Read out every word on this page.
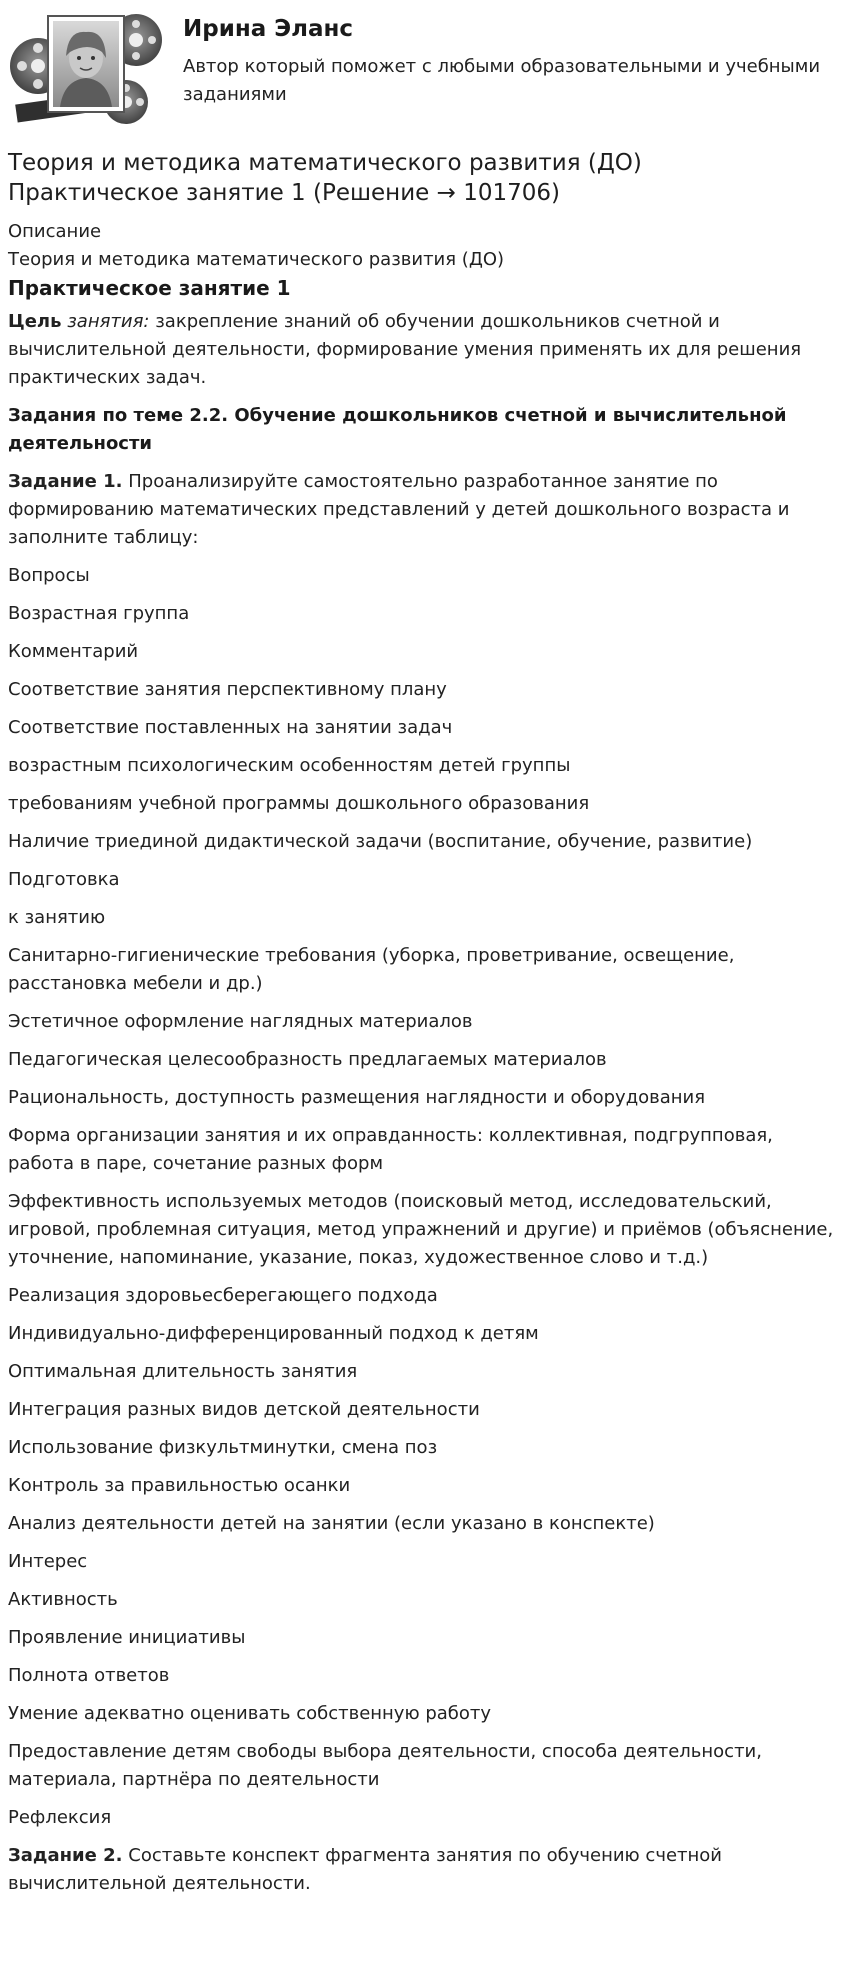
Ирина Эланс
Автор который поможет с любыми образовательными и учебными заданиями
Теория и методика математического развития (ДО)
Практическое занятие 1 (Решение → 101706)
Описание
Теория и методика математического развития (ДО)
Практическое занятие 1
Цель занятия: закрепление знаний об обучении дошкольников счетной и вычислительной деятельности, формирование умения применять их для решения практических задач.
Задания по теме 2.2. Обучение дошкольников счетной и вычислительной деятельности
Задание 1. Проанализируйте самостоятельно разработанное занятие по формированию математических представлений у детей дошкольного возраста и заполните таблицу:
Вопросы
Возрастная группа
Комментарий
Соответствие занятия перспективному плану
Соответствие поставленных на занятии задач
возрастным психологическим особенностям детей группы
требованиям учебной программы дошкольного образования
Наличие триединой дидактической задачи (воспитание, обучение, развитие)
Подготовка
к занятию
Санитарно-гигиенические требования (уборка, проветривание, освещение, расстановка мебели и др.)
Эстетичное оформление наглядных материалов
Педагогическая целесообразность предлагаемых материалов
Рациональность, доступность размещения наглядности и оборудования
Форма организации занятия и их оправданность: коллективная, подгрупповая, работа в паре, сочетание разных форм
Эффективность используемых методов (поисковый метод, исследовательский, игровой, проблемная ситуация, метод упражнений и другие) и приёмов (объяснение, уточнение, напоминание, указание, показ, художественное слово и т.д.)
Реализация здоровьесберегающего подхода
Индивидуально-дифференцированный подход к детям
Оптимальная длительность занятия
Интеграция разных видов детской деятельности
Использование физкультминутки, смена поз
Контроль за правильностью осанки
Анализ деятельности детей на занятии (если указано в конспекте)
Интерес
Активность
Проявление инициативы
Полнота ответов
Умение адекватно оценивать собственную работу
Предоставление детям свободы выбора деятельности, способа деятельности, материала, партнёра по деятельности
Рефлексия
Задание 2. Составьте конспект фрагмента занятия по обучению счетной вычислительной деятельности.
